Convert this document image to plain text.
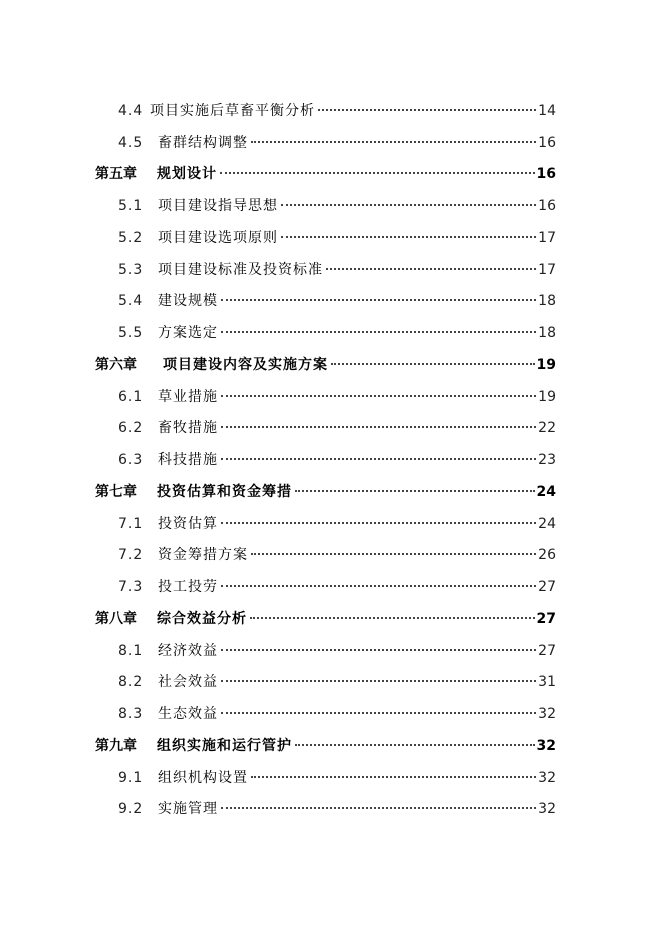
4.4 项目实施后草畜平衡分析	14
4.5	畜群结构调整	16
第五章	规划设计	16
5.1	项目建设指导思想	16
5.2	项目建设选项原则	17
5.3	项目建设标准及投资标准	17
5.4	建设规模	18
5.5	方案选定	18
第六章	项目建设内容及实施方案	19
6.1	草业措施	19
6.2	畜牧措施	22
6.3	科技措施	23
第七章	投资估算和资金筹措	24
7.1	投资估算	24
7.2	资金筹措方案	26
7.3	投工投劳	27
第八章	综合效益分析	27
8.1	经济效益	27
8.2	社会效益	31
8.3	生态效益	32
第九章	组织实施和运行管护	32
9.1	组织机构设置	32
9.2	实施管理	32
